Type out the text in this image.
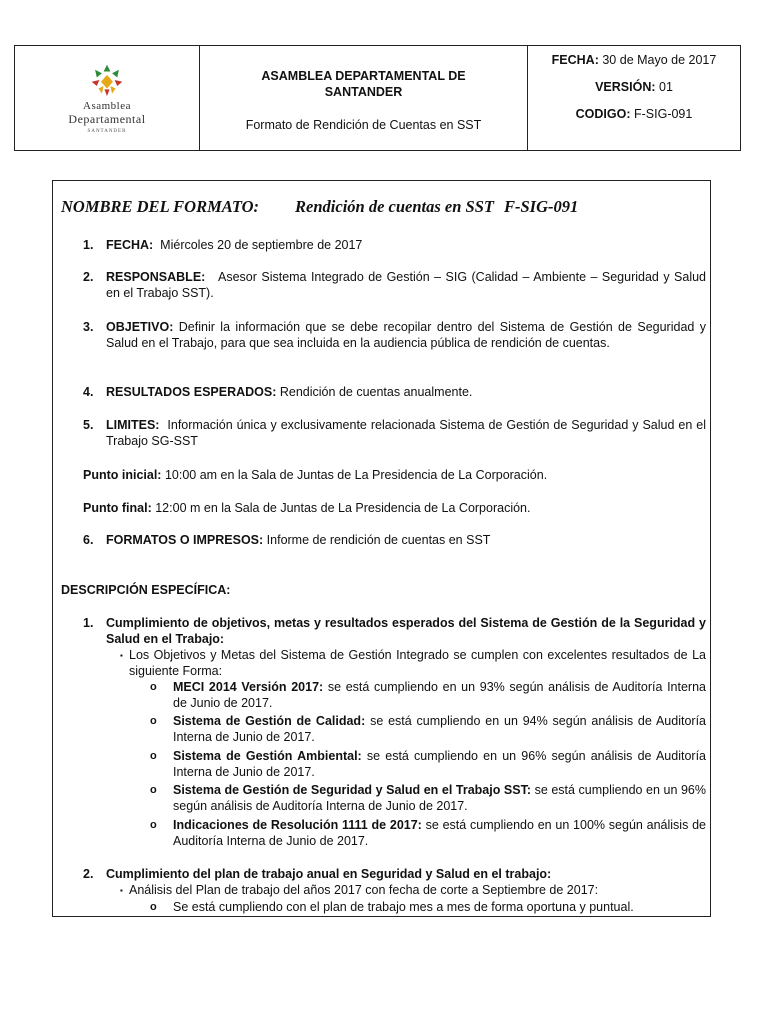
Asamblea
Departamental
SANTANDER
ASAMBLEA DEPARTAMENTAL DE SANTANDER
Formato de Rendición de Cuentas en SST
FECHA: 30 de Mayo de 2017
VERSIÓN: 01
CODIGO: F-SIG-091
NOMBRE DEL FORMATO: Rendición de cuentas en SST F-SIG-091
1. FECHA: Miércoles 20 de septiembre de 2017
2. RESPONSABLE: Asesor Sistema Integrado de Gestión – SIG (Calidad – Ambiente – Seguridad y Salud en el Trabajo SST).
3. OBJETIVO: Definir la información que se debe recopilar dentro del Sistema de Gestión de Seguridad y Salud en el Trabajo, para que sea incluida en la audiencia pública de rendición de cuentas.
4. RESULTADOS ESPERADOS: Rendición de cuentas anualmente.
5. LIMITES: Información única y exclusivamente relacionada Sistema de Gestión de Seguridad y Salud en el Trabajo SG-SST
Punto inicial: 10:00 am en la Sala de Juntas de La Presidencia de La Corporación.
Punto final: 12:00 m en la Sala de Juntas de La Presidencia de La Corporación.
6. FORMATOS O IMPRESOS: Informe de rendición de cuentas en SST
DESCRIPCIÓN ESPECÍFICA:
1. Cumplimiento de objetivos, metas y resultados esperados del Sistema de Gestión de la Seguridad y Salud en el Trabajo:
▪ Los Objetivos y Metas del Sistema de Gestión Integrado se cumplen con excelentes resultados de La siguiente Forma:
o MECI 2014 Versión 2017: se está cumpliendo en un 93% según análisis de Auditoría Interna de Junio de 2017.
o Sistema de Gestión de Calidad: se está cumpliendo en un 94% según análisis de Auditoría Interna de Junio de 2017.
o Sistema de Gestión Ambiental: se está cumpliendo en un 96% según análisis de Auditoría Interna de Junio de 2017.
o Sistema de Gestión de Seguridad y Salud en el Trabajo SST: se está cumpliendo en un 96% según análisis de Auditoría Interna de Junio de 2017.
o Indicaciones de Resolución 1111 de 2017: se está cumpliendo en un 100% según análisis de Auditoría Interna de Junio de 2017.
2. Cumplimiento del plan de trabajo anual en Seguridad y Salud en el trabajo:
▪ Análisis del Plan de trabajo del años 2017 con fecha de corte a Septiembre de 2017:
o Se está cumpliendo con el plan de trabajo mes a mes de forma oportuna y puntual.
